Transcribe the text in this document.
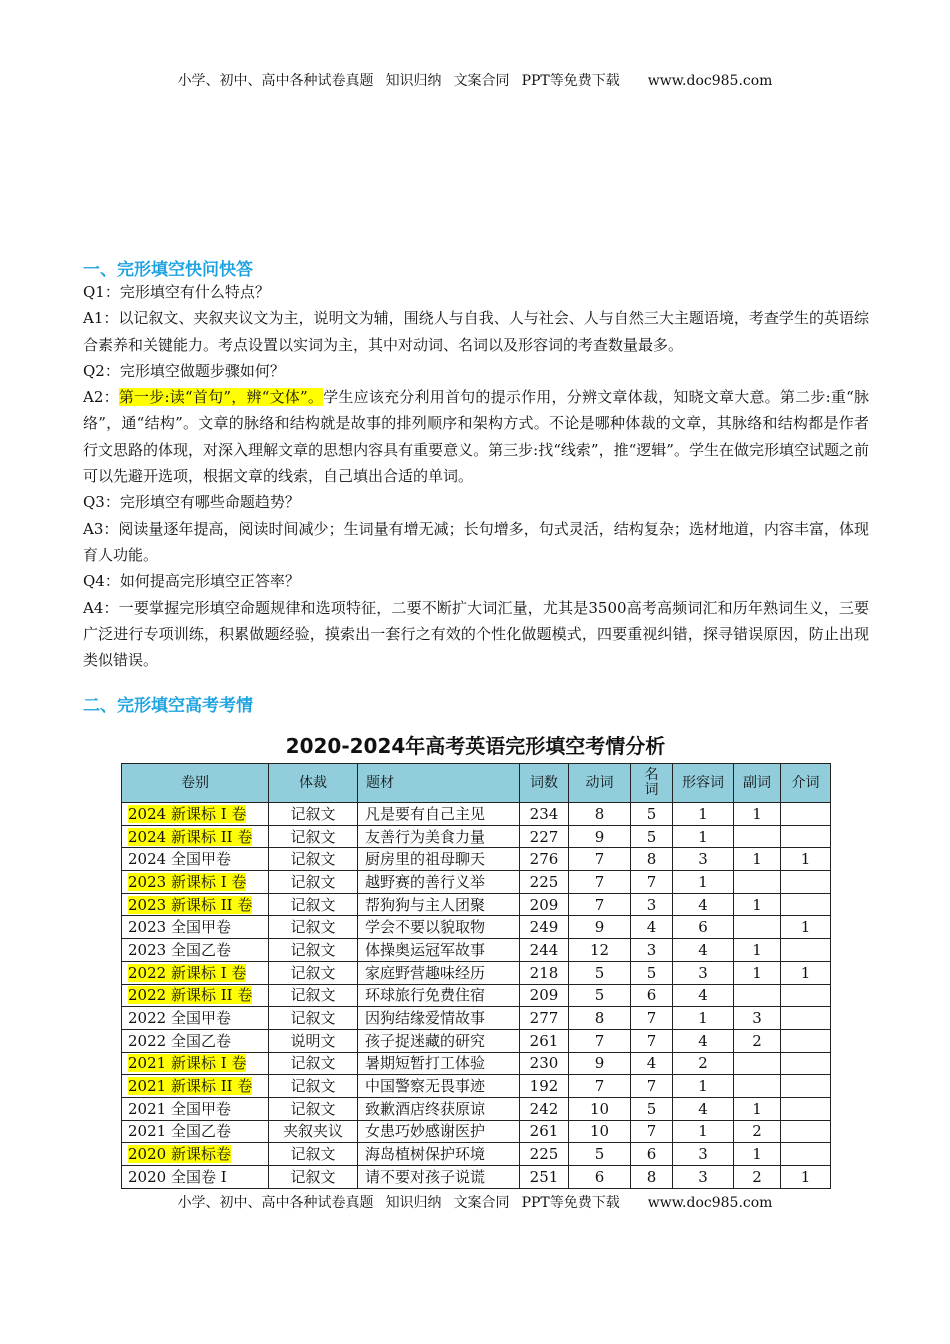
小学、初中、高中各种试卷真题 知识归纳 文案合同 PPT等免费下载 www.doc985.com
一、完形填空快问快答

Q1：完形填空有什么特点？

A1：以记叙文、夹叙夹议文为主，说明文为辅，围绕人与自我、人与社会、人与自然三大主题语境，考查学生的英语综合素养和关键能力。考点设置以实词为主，其中对动词、名词以及形容词的考查数量最多。

Q2：完形填空做题步骤如何？

A2：第一步:读“首句”，辨“文体”。学生应该充分利用首句的提示作用，分辨文章体裁，知晓文章大意。第二步:重“脉络”，通“结构”。文章的脉络和结构就是故事的排列顺序和架构方式。不论是哪种体裁的文章，其脉络和结构都是作者行文思路的体现，对深入理解文章的思想内容具有重要意义。第三步:找“线索”，推“逻辑”。学生在做完形填空试题之前可以先避开选项，根据文章的线索，自己填出合适的单词。

Q3：完形填空有哪些命题趋势？

A3：阅读量逐年提高，阅读时间减少；生词量有增无减；长句增多，句式灵活，结构复杂；选材地道，内容丰富，体现育人功能。

Q4：如何提高完形填空正答率？

A4：一要掌握完形填空命题规律和选项特征，二要不断扩大词汇量，尤其是3500高考高频词汇和历年熟词生义，三要广泛进行专项训练，积累做题经验，摸索出一套行之有效的个性化做题模式，四要重视纠错，探寻错误原因，防止出现类似错误。

二、完形填空高考考情
2020-2024年高考英语完形填空考情分析
卷别	体裁	题材	词数	动词	名词	形容词	副词	介词
2024 新课标 I 卷	记叙文	凡是要有自己主见	234	8	5	1	1	
2024 新课标 II 卷	记叙文	友善行为美食力量	227	9	5	1		
2024 全国甲卷	记叙文	厨房里的祖母聊天	276	7	8	3	1	1
2023 新课标 I 卷	记叙文	越野赛的善行义举	225	7	7	1		
2023 新课标 II 卷	记叙文	帮狗狗与主人团聚	209	7	3	4	1	
2023 全国甲卷	记叙文	学会不要以貌取物	249	9	4	6		1
2023 全国乙卷	记叙文	体操奥运冠军故事	244	12	3	4	1	
2022 新课标 I 卷	记叙文	家庭野营趣味经历	218	5	5	3	1	1
2022 新课标 II 卷	记叙文	环球旅行免费住宿	209	5	6	4		
2022 全国甲卷	记叙文	因狗结缘爱情故事	277	8	7	1	3	
2022 全国乙卷	说明文	孩子捉迷藏的研究	261	7	7	4	2	
2021 新课标 I 卷	记叙文	暑期短暂打工体验	230	9	4	2		
2021 新课标 II 卷	记叙文	中国警察无畏事迹	192	7	7	1		
2021 全国甲卷	记叙文	致歉酒店终获原谅	242	10	5	4	1	
2021 全国乙卷	夹叙夹议	女患巧妙感谢医护	261	10	7	1	2	
2020 新课标卷	记叙文	海岛植树保护环境	225	5	6	3	1	
2020 全国卷 I	记叙文	请不要对孩子说谎	251	6	8	3	2	1
小学、初中、高中各种试卷真题 知识归纳 文案合同 PPT等免费下载 www.doc985.com
